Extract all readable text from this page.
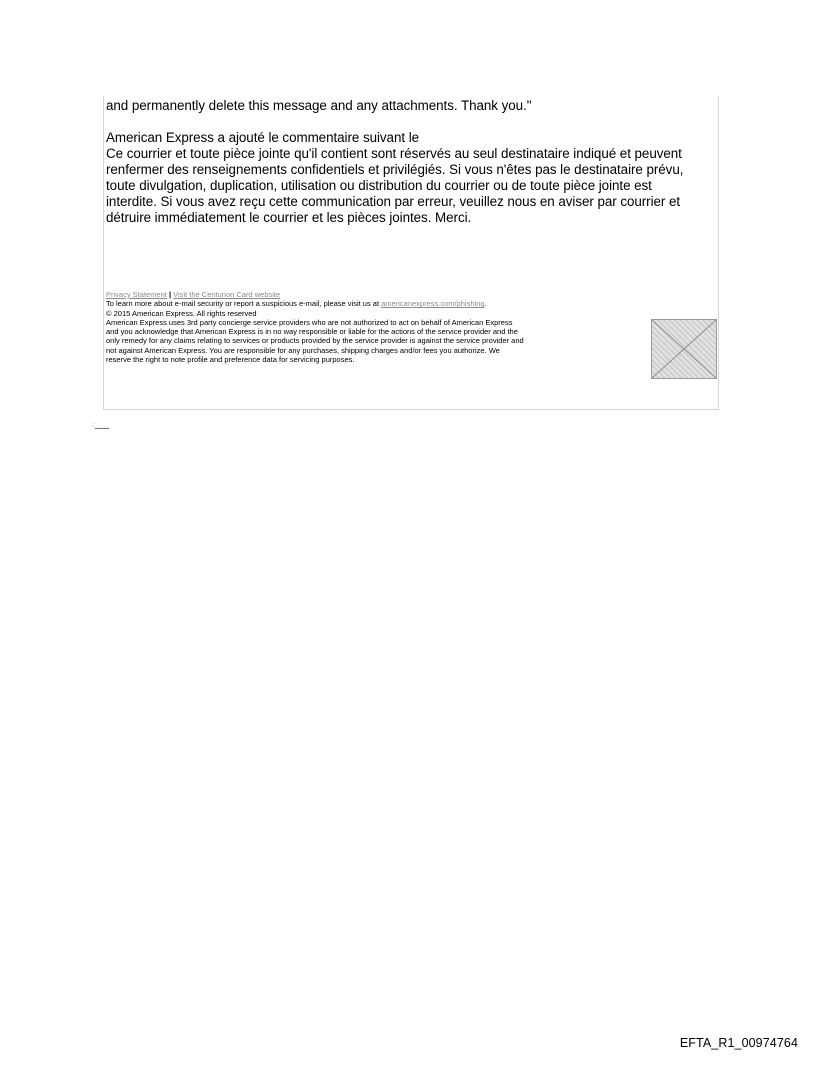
and permanently delete this message and any attachments. Thank you."

American Express a ajouté le commentaire suivant le

Ce courrier et toute pièce jointe qu'il contient sont réservés au seul destinataire indiqué et peuvent

renfermer des renseignements confidentiels et privilégiés. Si vous n'êtes pas le destinataire prévu,

toute divulgation, duplication, utilisation ou distribution du courrier ou de toute pièce jointe est

interdite. Si vous avez reçu cette communication par erreur, veuillez nous en aviser par courrier et

détruire immédiatement le courrier et les pièces jointes. Merci.

Privacy Statement | Visit the Centurion Card website
To learn more about e-mail security or report a suspicious e-mail, please visit us at americanexpress.com/phishing.
© 2015 American Express. All rights reserved
American Express uses 3rd party concierge service providers who are not authorized to act on behalf of American Express
and you acknowledge that American Express is in no way responsible or liable for the actions of the service provider and the
only remedy for any claims relating to services or products provided by the service provider is against the service provider and
not against American Express. You are responsible for any purchases, shipping charges and/or fees you authorize. We
reserve the right to note profile and preference data for servicing purposes.
:
EFTA_R1_00974764
